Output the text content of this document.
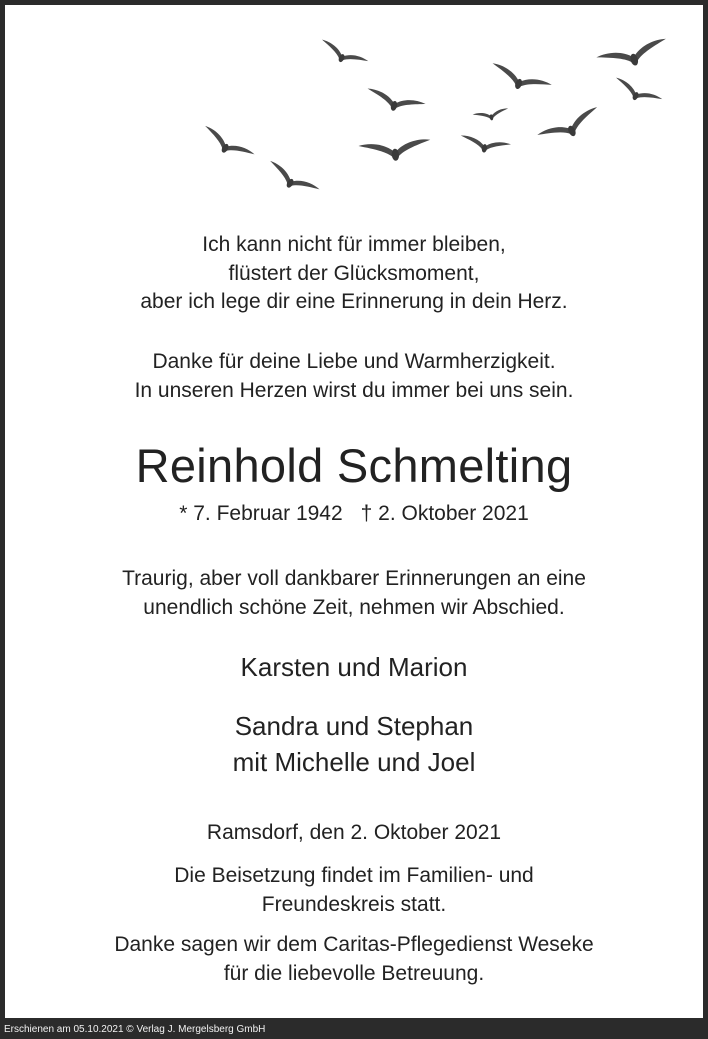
Ich kann nicht für immer bleiben,
flüstert der Glücksmoment,
aber ich lege dir eine Erinnerung in dein Herz.

Danke für deine Liebe und Warmherzigkeit.
In unseren Herzen wirst du immer bei uns sein.

Reinhold Schmelting

* 7. Februar 1942 † 2. Oktober 2021

Traurig, aber voll dankbarer Erinnerungen an eine
unendlich schöne Zeit, nehmen wir Abschied.

Karsten und Marion

Sandra und Stephan
mit Michelle und Joel

Ramsdorf, den 2. Oktober 2021

Die Beisetzung findet im Familien- und
Freundeskreis statt.

Danke sagen wir dem Caritas-Pflegedienst Weseke
für die liebevolle Betreuung.

Erschienen am 05.10.2021 © Verlag J. Mergelsberg GmbH
